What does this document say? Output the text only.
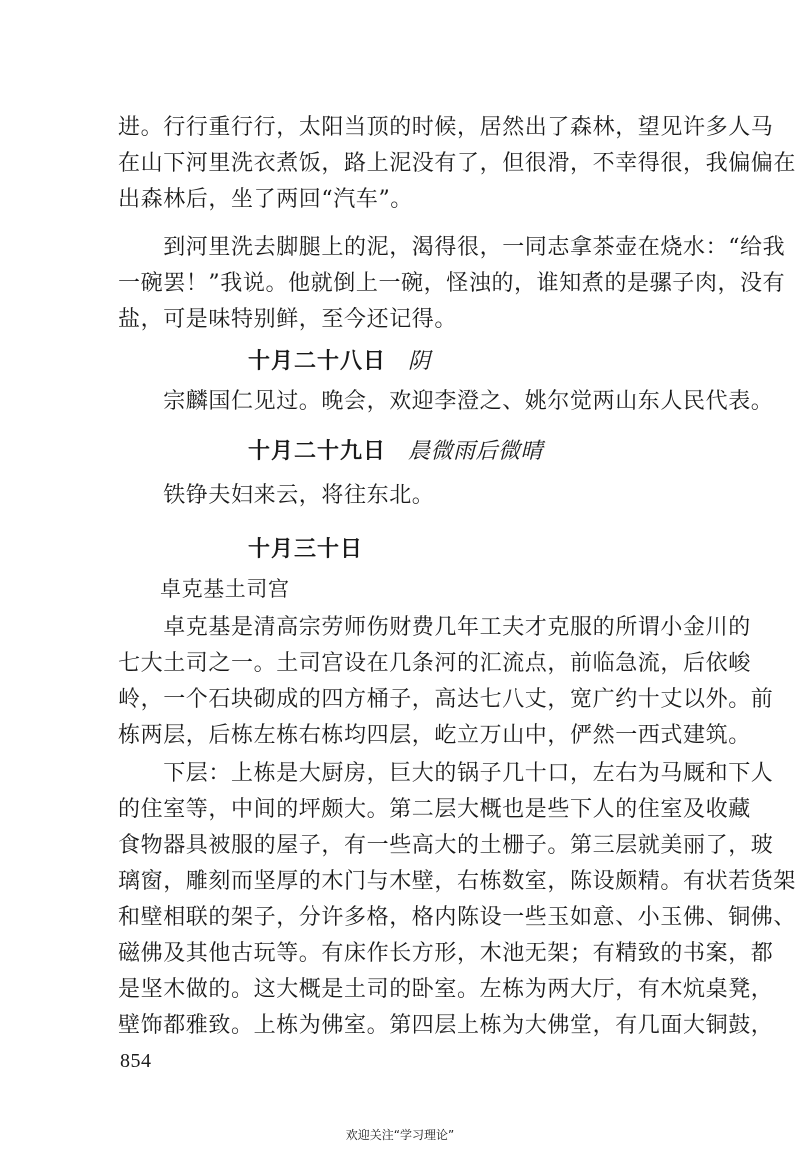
进。行行重行行，太阳当顶的时候，居然出了森林，望见许多人马
在山下河里洗衣煮饭，路上泥没有了，但很滑，不幸得很，我偏偏在
出森林后，坐了两回“汽车”。
　　到河里洗去脚腿上的泥，渴得很，一同志拿茶壶在烧水：“给我
一碗罢！”我说。他就倒上一碗，怪浊的，谁知煮的是骡子肉，没有
盐，可是味特别鲜，至今还记得。
十月二十八日 阴
　　宗麟国仁见过。晚会，欢迎李澄之、姚尔觉两山东人民代表。
十月二十九日 晨微雨后微晴
　　铁铮夫妇来云，将往东北。
十月三十日
卓克基土司宫
　　卓克基是清高宗劳师伤财费几年工夫才克服的所谓小金川的
七大土司之一。土司宫设在几条河的汇流点，前临急流，后依峻
岭，一个石块砌成的四方桶子，高达七八丈，宽广约十丈以外。前
栋两层，后栋左栋右栋均四层，屹立万山中，俨然一西式建筑。
　　下层：上栋是大厨房，巨大的锅子几十口，左右为马厩和下人
的住室等，中间的坪颇大。第二层大概也是些下人的住室及收藏
食物器具被服的屋子，有一些高大的土栅子。第三层就美丽了，玻
璃窗，雕刻而坚厚的木门与木壁，右栋数室，陈设颇精。有状若货架
和壁相联的架子，分许多格，格内陈设一些玉如意、小玉佛、铜佛、
磁佛及其他古玩等。有床作长方形，木池无架；有精致的书案，都
是坚木做的。这大概是土司的卧室。左栋为两大厅，有木炕桌凳，
壁饰都雅致。上栋为佛室。第四层上栋为大佛堂，有几面大铜鼓，
欢迎关注“学习理论”
854
